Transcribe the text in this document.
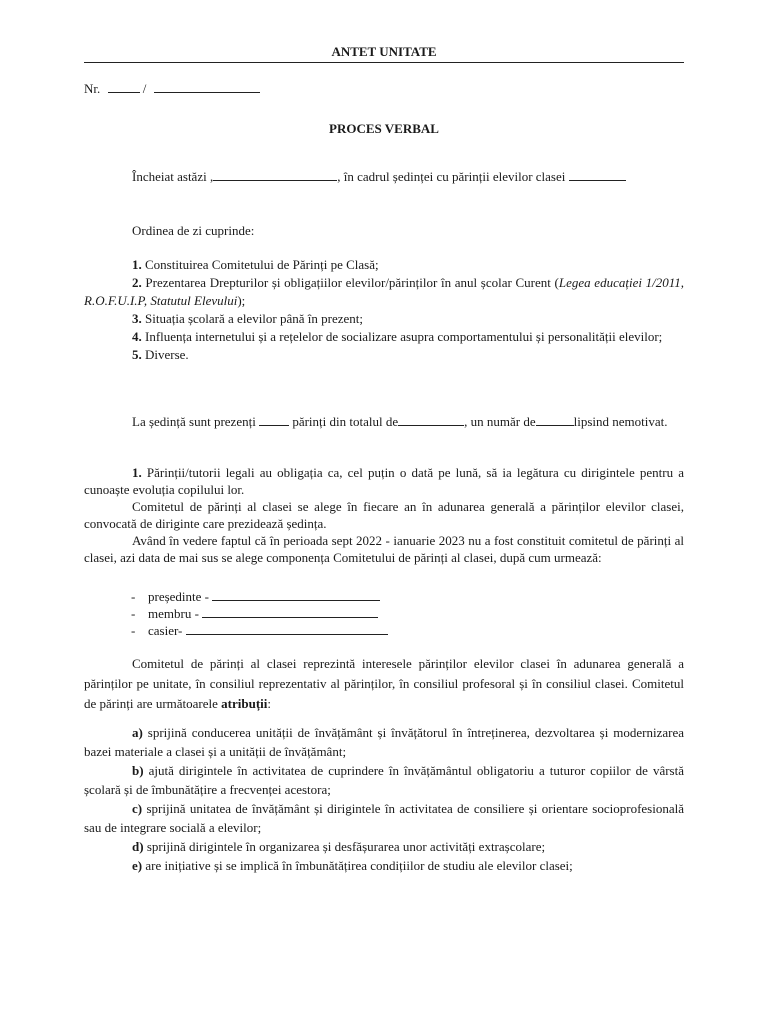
ANTET UNITATE
Nr.	/
PROCES VERBAL
Încheiat astăzi ,	, în cadrul ședinței cu părinții elevilor clasei
Ordinea de zi cuprinde:
1. Constituirea Comitetului de Părinți pe Clasă;
2. Prezentarea Drepturilor și obligațiilor elevilor/părinților în anul școlar Curent (Legea educației 1/2011, R.O.F.U.I.P, Statutul Elevului);
3. Situația școlară a elevilor până în prezent;
4. Influența internetului și a rețelelor de socializare asupra comportamentului și personalității elevilor;
5. Diverse.
La ședință sunt prezenți	părinți din totalul de	, un număr de	lipsind nemotivat.
1. Părinții/tutorii legali au obligația ca, cel puțin o dată pe lună, să ia legătura cu dirigintele pentru a cunoaște evoluția copilului lor.
Comitetul de părinți al clasei se alege în fiecare an în adunarea generală a părinților elevilor clasei, convocată de diriginte care prezidează ședința.
Având în vedere faptul că în perioada sept 2022 - ianuarie 2023 nu a fost constituit comitetul de părinți al clasei, azi data de mai sus se alege componența Comitetului de părinți al clasei, după cum urmează:
- președinte -
- membru -
- casier-
Comitetul de părinți al clasei reprezintă interesele părinților elevilor clasei în adunarea generală a părinților pe unitate, în consiliul reprezentativ al părinților, în consiliul profesoral și în consiliul clasei. Comitetul de părinți are următoarele atribuții:
a) sprijină conducerea unității de învățământ și învățătorul în întreținerea, dezvoltarea și modernizarea bazei materiale a clasei și a unității de învățământ;
b) ajută dirigintele în activitatea de cuprindere în învățământul obligatoriu a tuturor copiilor de vârstă școlară și de îmbunătățire a frecvenței acestora;
c) sprijină unitatea de învățământ și dirigintele în activitatea de consiliere și orientare socioprofesională sau de integrare socială a elevilor;
d) sprijină dirigintele în organizarea și desfășurarea unor activități extrașcolare;
e) are inițiative și se implică în îmbunătățirea condițiilor de studiu ale elevilor clasei;
